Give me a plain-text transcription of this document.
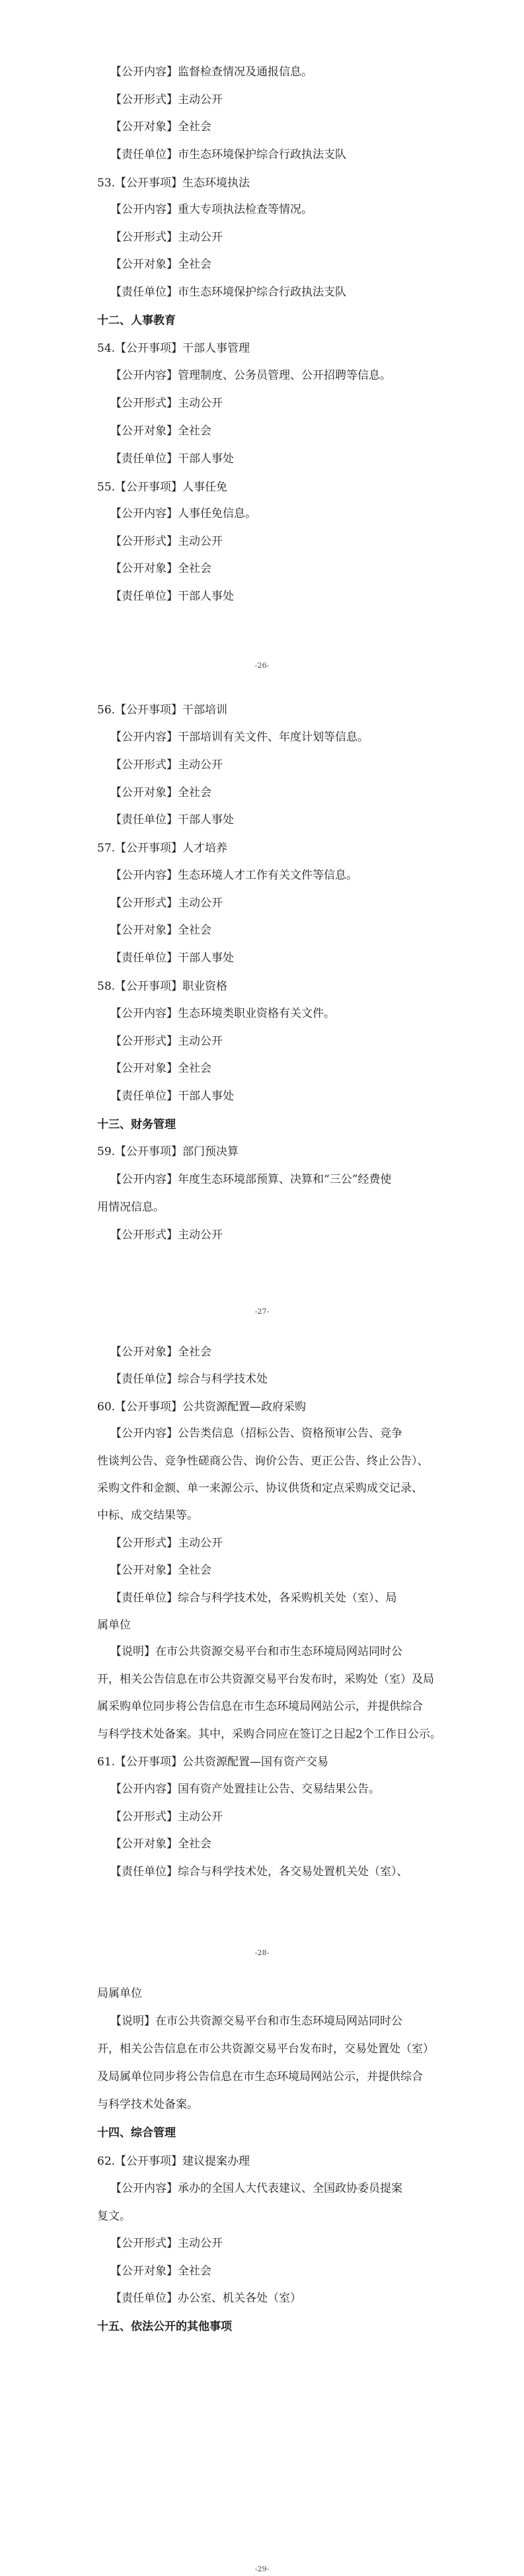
【公开内容】监督检查情况及通报信息。
【公开形式】主动公开
【公开对象】全社会
【责任单位】市生态环境保护综合行政执法支队
53.【公开事项】生态环境执法
【公开内容】重大专项执法检查等情况。
【公开形式】主动公开
【公开对象】全社会
【责任单位】市生态环境保护综合行政执法支队
十二、人事教育
54.【公开事项】干部人事管理
【公开内容】管理制度、公务员管理、公开招聘等信息。
【公开形式】主动公开
【公开对象】全社会
【责任单位】干部人事处
55.【公开事项】人事任免
【公开内容】人事任免信息。
【公开形式】主动公开
【公开对象】全社会
【责任单位】干部人事处
-26-
56.【公开事项】干部培训
【公开内容】干部培训有关文件、年度计划等信息。
【公开形式】主动公开
【公开对象】全社会
【责任单位】干部人事处
57.【公开事项】人才培养
【公开内容】生态环境人才工作有关文件等信息。
【公开形式】主动公开
【公开对象】全社会
【责任单位】干部人事处
58.【公开事项】职业资格
【公开内容】生态环境类职业资格有关文件。
【公开形式】主动公开
【公开对象】全社会
【责任单位】干部人事处
十三、财务管理
59.【公开事项】部门预决算
【公开内容】年度生态环境部预算、决算和“三公”经费使
用情况信息。
【公开形式】主动公开
-27-
【公开对象】全社会
【责任单位】综合与科学技术处
60.【公开事项】公共资源配置—政府采购
【公开内容】公告类信息（招标公告、资格预审公告、竞争
性谈判公告、竞争性磋商公告、询价公告、更正公告、终止公告）、
采购文件和金额、单一来源公示、协议供货和定点采购成交记录、
中标、成交结果等。
【公开形式】主动公开
【公开对象】全社会
【责任单位】综合与科学技术处，各采购机关处（室）、局
属单位
【说明】在市公共资源交易平台和市生态环境局网站同时公
开，相关公告信息在市公共资源交易平台发布时，采购处（室）及局
属采购单位同步将公告信息在市生态环境局网站公示，并提供综合
与科学技术处备案。其中，采购合同应在签订之日起2个工作日公示。
61.【公开事项】公共资源配置—国有资产交易
【公开内容】国有资产处置挂让公告、交易结果公告。
【公开形式】主动公开
【公开对象】全社会
【责任单位】综合与科学技术处，各交易处置机关处（室）、
-28-
局属单位
【说明】在市公共资源交易平台和市生态环境局网站同时公
开，相关公告信息在市公共资源交易平台发布时，交易处置处（室）
及局属单位同步将公告信息在市生态环境局网站公示，并提供综合
与科学技术处备案。
十四、综合管理
62.【公开事项】建议提案办理
【公开内容】承办的全国人大代表建议、全国政协委员提案
复文。
【公开形式】主动公开
【公开对象】全社会
【责任单位】办公室、机关各处（室）
十五、依法公开的其他事项
-29-
